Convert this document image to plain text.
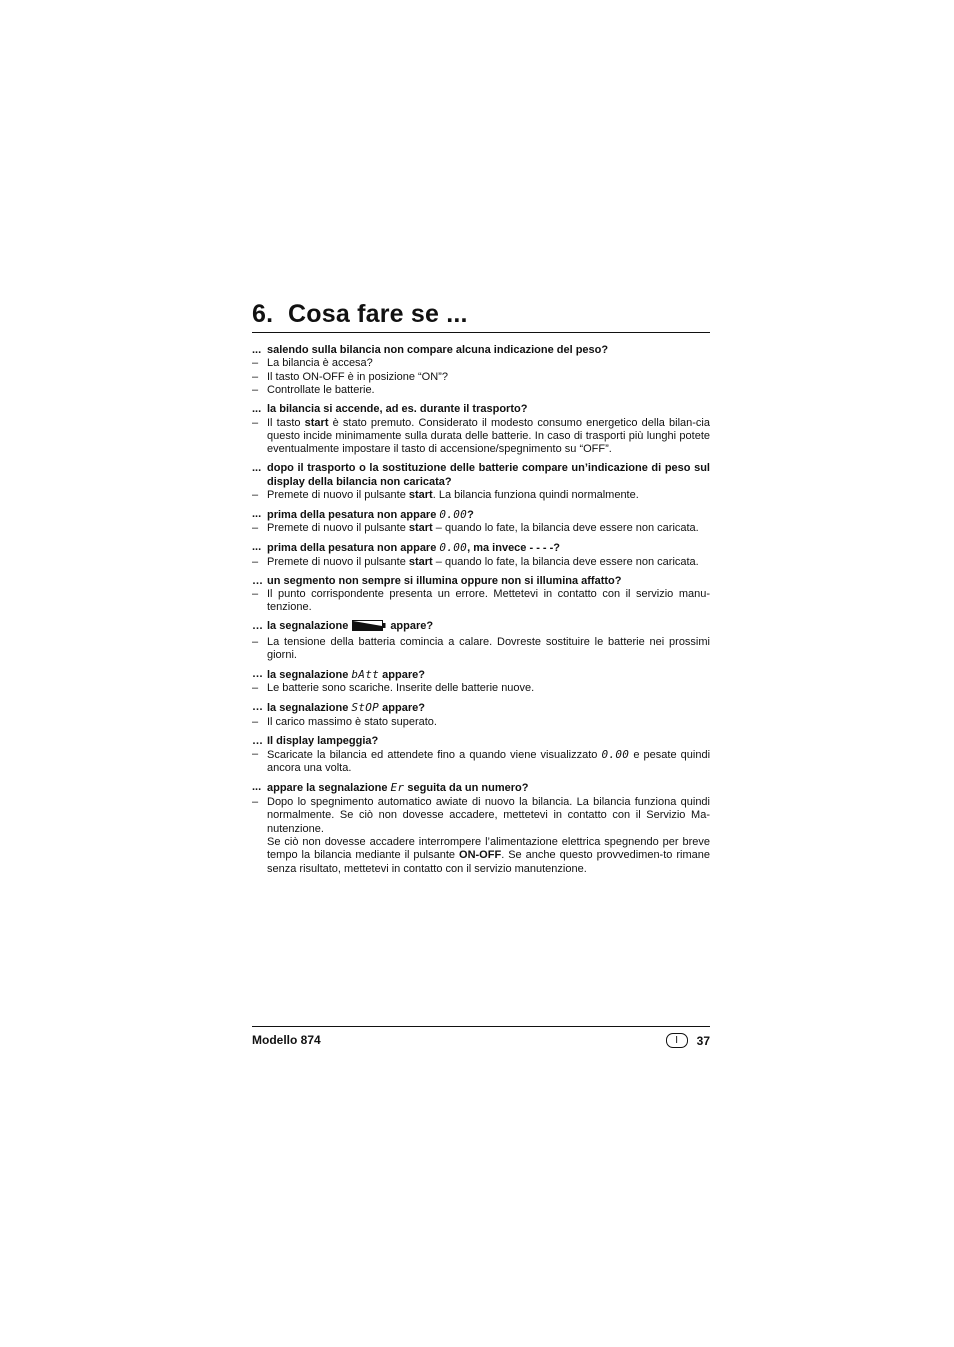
6. Cosa fare se ...
... salendo sulla bilancia non compare alcuna indicazione del peso?
– La bilancia è accesa?
– Il tasto ON-OFF è in posizione “ON”?
– Controllate le batterie.
... la bilancia si accende, ad es. durante il trasporto?
– Il tasto start è stato premuto. Considerato il modesto consumo energetico della bilan-cia questo incide minimamente sulla durata delle batterie. In caso di trasporti più lunghi potete eventualmente impostare il tasto di accensione/spegnimento su “OFF”.
... dopo il trasporto o la sostituzione delle batterie compare un’indicazione di peso sul display della bilancia non caricata?
– Premete di nuovo il pulsante start. La bilancia funziona quindi normalmente.
... prima della pesatura non appare 0.00?
– Premete di nuovo il pulsante start – quando lo fate, la bilancia deve essere non caricata.
... prima della pesatura non appare 0.00, ma invece - - - -?
– Premete di nuovo il pulsante start – quando lo fate, la bilancia deve essere non caricata.
… un segmento non sempre si illumina oppure non si illumina affatto?
– Il punto corrispondente presenta un errore. Mettetevi in contatto con il servizio manu-tenzione.
… la segnalazione	appare?
– La tensione della batteria comincia a calare. Dovreste sostituire le batterie nei prossimi giorni.
… la segnalazione bAtt appare?
– Le batterie sono scariche. Inserite delle batterie nuove.
… la segnalazione StOP appare?
– Il carico massimo è stato superato.
… Il display lampeggia?
– Scaricate la bilancia ed attendete fino a quando viene visualizzato 0.00 e pesate quindi ancora una volta.
... appare la segnalazione Er seguita da un numero?
– Dopo lo spegnimento automatico awiate di nuovo la bilancia. La bilancia funziona quindi normalmente. Se ciò non dovesse accadere, mettetevi in contatto con il Servizio Ma-nutenzione.
Se ciò non dovesse accadere interrompere l’alimentazione elettrica spegnendo per breve tempo la bilancia mediante il pulsante ON-OFF. Se anche questo provvedimen-to rimane senza risultato, mettetevi in contatto con il servizio manutenzione.
Modello 874	I	37
